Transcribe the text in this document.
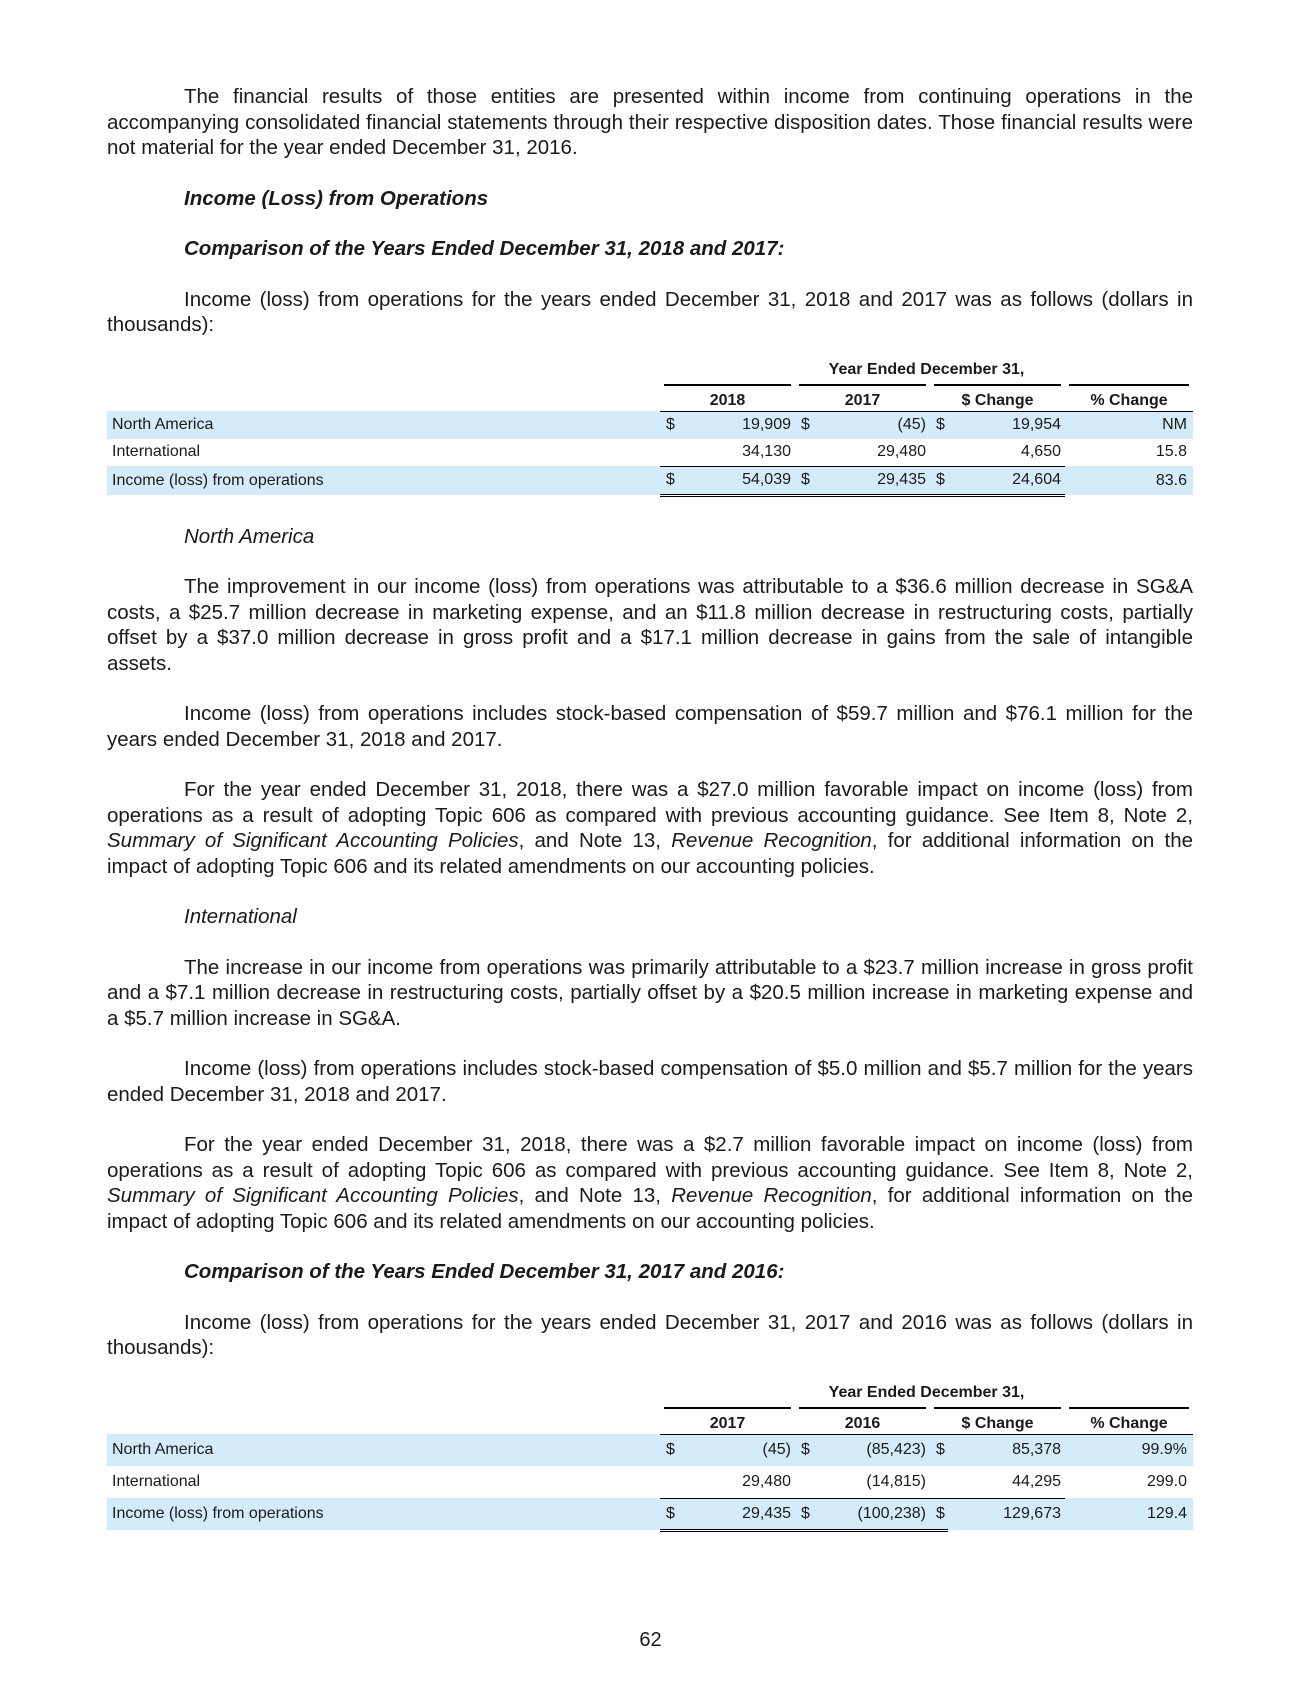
The financial results of those entities are presented within income from continuing operations in the accompanying consolidated financial statements through their respective disposition dates. Those financial results were not material for the year ended December 31, 2016.

Income (Loss) from Operations
Comparison of the Years Ended December 31, 2018 and 2017:

Income (loss) from operations for the years ended December 31, 2018 and 2017 was as follows (dollars in thousands):

	Year Ended December 31,						

	2018		2017		$ Change		% Change

North America	$	19,909	$	(45)	$	19,954	NM
International		34,130		29,480		4,650	15.8
Income (loss) from operations	$	54,039	$	29,435	$	24,604	83.6
North America

The improvement in our income (loss) from operations was attributable to a $36.6 million decrease in SG&A costs, a $25.7 million decrease in marketing expense, and an $11.8 million decrease in restructuring costs, partially offset by a $37.0 million decrease in gross profit and a $17.1 million decrease in gains from the sale of intangible assets.

Income (loss) from operations includes stock-based compensation of $59.7 million and $76.1 million for the years ended December 31, 2018 and 2017.

For the year ended December 31, 2018, there was a $27.0 million favorable impact on income (loss) from operations as a result of adopting Topic 606 as compared with previous accounting guidance. See Item 8, Note 2, Summary of Significant Accounting Policies, and Note 13, Revenue Recognition, for additional information on the impact of adopting Topic 606 and its related amendments on our accounting policies.

International

The increase in our income from operations was primarily attributable to a $23.7 million increase in gross profit and a $7.1 million decrease in restructuring costs, partially offset by a $20.5 million increase in marketing expense and a $5.7 million increase in SG&A.

Income (loss) from operations includes stock-based compensation of $5.0 million and $5.7 million for the years ended December 31, 2018 and 2017.

For the year ended December 31, 2018, there was a $2.7 million favorable impact on income (loss) from operations as a result of adopting Topic 606 as compared with previous accounting guidance. See Item 8, Note 2, Summary of Significant Accounting Policies, and Note 13, Revenue Recognition, for additional information on the impact of adopting Topic 606 and its related amendments on our accounting policies.

Comparison of the Years Ended December 31, 2017 and 2016:

Income (loss) from operations for the years ended December 31, 2017 and 2016 was as follows (dollars in thousands):

	Year Ended December 31,						

	2017		2016		$ Change		% Change

North America	$	(45)	$	(85,423)	$	85,378	99.9%
International		29,480		(14,815)		44,295	299.0
Income (loss) from operations	$	29,435	$	(100,238)	$	129,673	129.4
62
